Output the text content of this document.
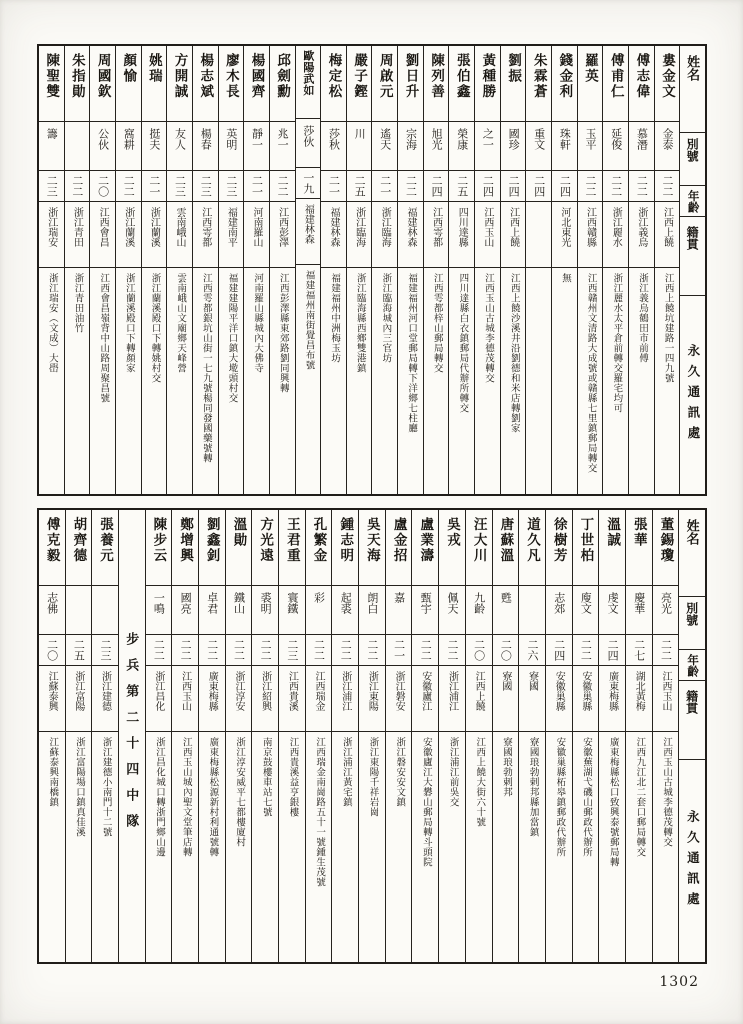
姓名
別號
年齡
籍貫
永久通訊處
婁金文
金泰
二二
江西上饒
江西上饒坑建路一四九號
傅志偉
慕潛
二二
浙江義烏
浙江義烏鶴田市前傅
傅甫仁
延俊
二二
浙江麗水
浙江麗水太平倉前轉交羅宅均可
羅英
玉平
二二
江西贛縣
江西贛州文清路大成號或贛縣七里鎮郵局轉交
錢金利
珠軒
二四
河北東光
無
朱霖蒼
重文
二四
劉振
國珍
二四
江西上饒
江西上饒沙溪井沿劉德和米店轉劉家
黃種勝
之一
二四
江西玉山
江西玉山古城李德茂轉交
張伯鑫
榮康
二五
四川達縣
四川達縣白衣鎮郵局代辦所轉交
陳列善
旭光
二四
江西雩都
江西雩都梓山郵局轉交
劉日升
宗海
二二
福建林森
福建福州河口堂郵局轉下洋鄉七柱廳
周啟元
遙天
二一
浙江臨海
浙江臨海城內三官坊
嚴子鏗
川
二五
浙江臨海
浙江臨海縣西鄉雙港鎮
梅定松
莎秋
二一
福建林森
福建福州中洲梅玉坊
歐陽武如
莎伙
一九
福建林森
福建福州南街覺昌布號
邱劍勳
兆一
二二
江西彭澤
江西彭澤縣東郊路劉同興轉
楊國齊
靜一
二一
河南羅山
河南羅山縣城內大佛寺
廖木長
英明
二三
福建南平
福建建陽平洋口鎮大墘頭村交
楊志斌
楊春
二三
江西雩都
江西雩都銀坑山街一七九號楊同發國藥號轉
方開誠
友人
二三
雲南峨山
雲南峨山文廟鄉天峰營
姚瑞
挺夫
二一
浙江蘭溪
浙江蘭溪殿口下轉姚村交
顏愉
窩耕
二二
浙江蘭溪
浙江蘭溪殿口下轉顏家
周國欽
公伙
二〇
江西會昌
江西會昌嶺背中山路周聚昌號
朱指勛
二二
浙江青田
浙江青田油竹
陳聖雙
籌
二三
浙江瑞安
浙江瑞安（文成）大嶨
姓名
別號
年齡
籍貫
永久通訊處
董錫瓊
亮光
二二
江西玉山
江西玉山古城李德茂轉交
張華
慶華
二七
湖北黃梅
江西九江北二套口郵局轉交
溫誠
虔文
二四
廣東梅縣
廣東梅縣松口致興泰號郵局轉
丁世柏
廋文
二二
安徽巢縣
安徽蕪湖弋磯山郵政代辦所
徐樹芳
志郊
二四
安徽巢縣
安徽巢縣柘皋鎮郵政代辦所
道久凡
二六
寮國
寮國琅勃剌邦縣加當鎮
唐蘇溫
甦
二〇
寮國
寮國琅勃剌邦
汪大川
九齡
二〇
江西上饒
江西上饒大街六十號
吳戎
佩天
二二
浙江浦江
浙江浦江前吳交
盧業濤
甄宇
二二
安徽廬江
安徽廬江大礬山郵局轉斗頭院
盧金招
嘉
二一
浙江磐安
浙江磐安安文鎮
吳天海
朗白
二二
浙江東陽
浙江東陽千祥岩崗
鍾志明
起裘
二二
浙江浦江
浙江浦江黃宅鎮
孔繁金
彩
二二
江西瑞金
江西瑞金南崗路五十一號鍾生茂號
王君重
寰鐵
二三
江西貴溪
江西貴溪益亨銀樓
方光遠
裘明
二二
浙江紹興
南京鼓樓車站七號
溫勛
鐵山
二二
浙江淳安
浙江淳安威平七都樓廈村
劉鑫釗
卓君
二二
廣東梅縣
廣東梅縣松源新村利通號轉
鄭增興
國亮
二二
江西玉山
江西玉山城內聖文堂筆店轉
陳步云
一鳴
二二
浙江昌化
浙江昌化城口轉浙門鄉山邊
步兵第二十四中隊
張養元
二三
浙江建德
浙江建德小南門十二號
胡齊德
二五
浙江富陽
浙江富陽場口鎮真佳溪
傅克毅
志佛
二〇
江蘇泰興
江蘇泰興南橋鎮
1302
